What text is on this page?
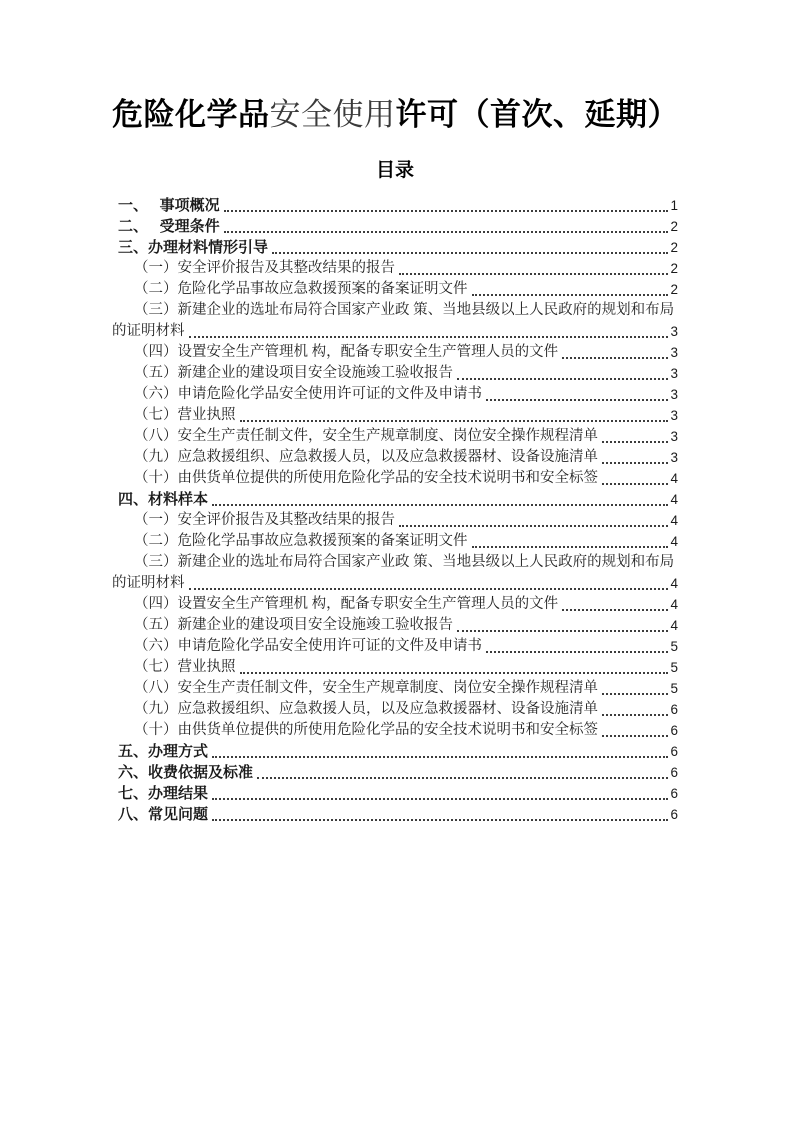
危险化学品安全使用许可（首次、延期）
目录
一、　 事项概况	1
二、　 受理条件	2
三、办理材料情形引导	2
（一）安全评价报告及其整改结果的报告	2
（二）危险化学品事故应急救援预案的备案证明文件	2
（三）新建企业的选址布局符合国家产业政 策、当地县级以上人民政府的规划和布局
的证明材料	3
（四）设置安全生产管理机 构，配备专职安全生产管理人员的文件	3
（五）新建企业的建设项目安全设施竣工验收报告	3
（六）申请危险化学品安全使用许可证的文件及申请书	3
（七）营业执照	3
（八）安全生产责任制文件，安全生产规章制度、岗位安全操作规程清单	3
（九）应急救援组织、应急救援人员，以及应急救援器材、设备设施清单	3
（十）由供货单位提供的所使用危险化学品的安全技术说明书和安全标签	4
四、材料样本	4
（一）安全评价报告及其整改结果的报告	4
（二）危险化学品事故应急救援预案的备案证明文件	4
（三）新建企业的选址布局符合国家产业政 策、当地县级以上人民政府的规划和布局
的证明材料	4
（四）设置安全生产管理机 构，配备专职安全生产管理人员的文件	4
（五）新建企业的建设项目安全设施竣工验收报告	4
（六）申请危险化学品安全使用许可证的文件及申请书	5
（七）营业执照	5
（八）安全生产责任制文件，安全生产规章制度、岗位安全操作规程清单	5
（九）应急救援组织、应急救援人员，以及应急救援器材、设备设施清单	6
（十）由供货单位提供的所使用危险化学品的安全技术说明书和安全标签	6
五、办理方式	6
六、收费依据及标准	6
七、办理结果	6
八、常见问题	6
